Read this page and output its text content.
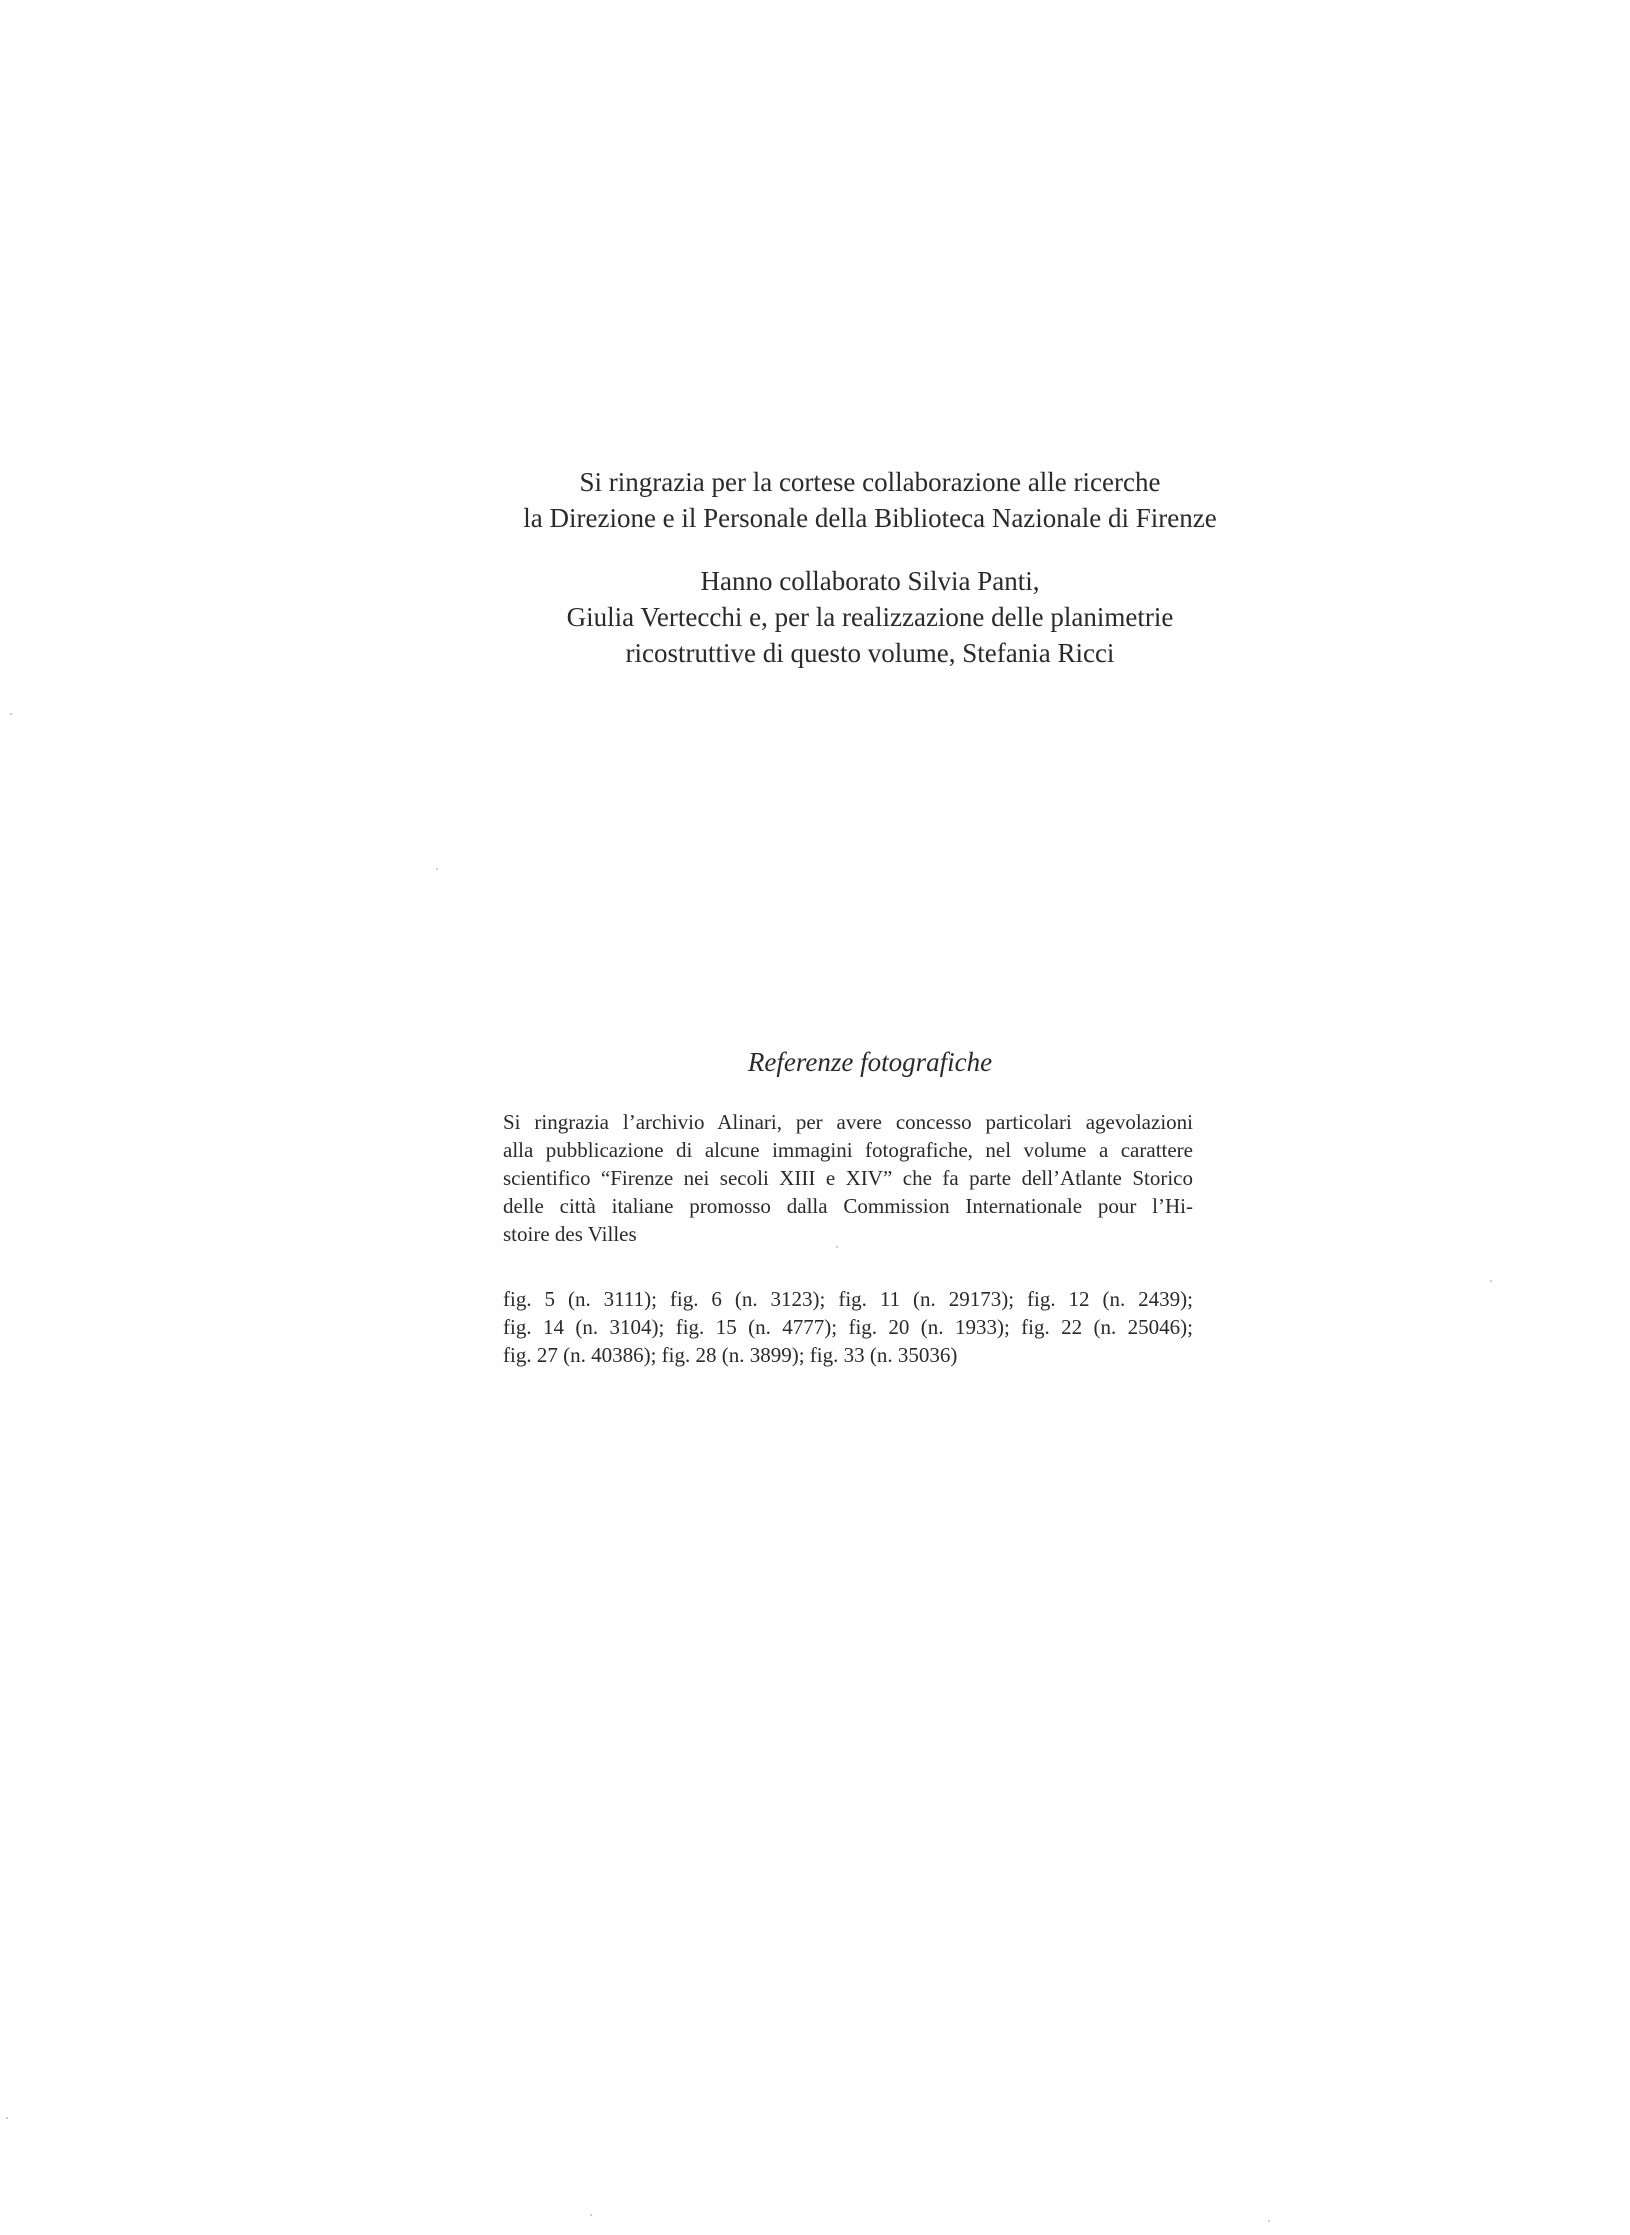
Si ringrazia per la cortese collaborazione alle ricerche
la Direzione e il Personale della Biblioteca Nazionale di Firenze
Hanno collaborato Silvia Panti,
Giulia Vertecchi e, per la realizzazione delle planimetrie
ricostruttive di questo volume, Stefania Ricci
Referenze fotografiche
Si ringrazia l’archivio Alinari, per avere concesso particolari agevolazioni
alla pubblicazione di alcune immagini fotografiche, nel volume a carattere
scientifico “Firenze nei secoli XIII e XIV” che fa parte dell’Atlante Storico
delle città italiane promosso dalla Commission Internationale pour l’Hi-
stoire des Villes
fig. 5 (n. 3111); fig. 6 (n. 3123); fig. 11 (n. 29173); fig. 12 (n. 2439);
fig. 14 (n. 3104); fig. 15 (n. 4777); fig. 20 (n. 1933); fig. 22 (n. 25046);
fig. 27 (n. 40386); fig. 28 (n. 3899); fig. 33 (n. 35036)
